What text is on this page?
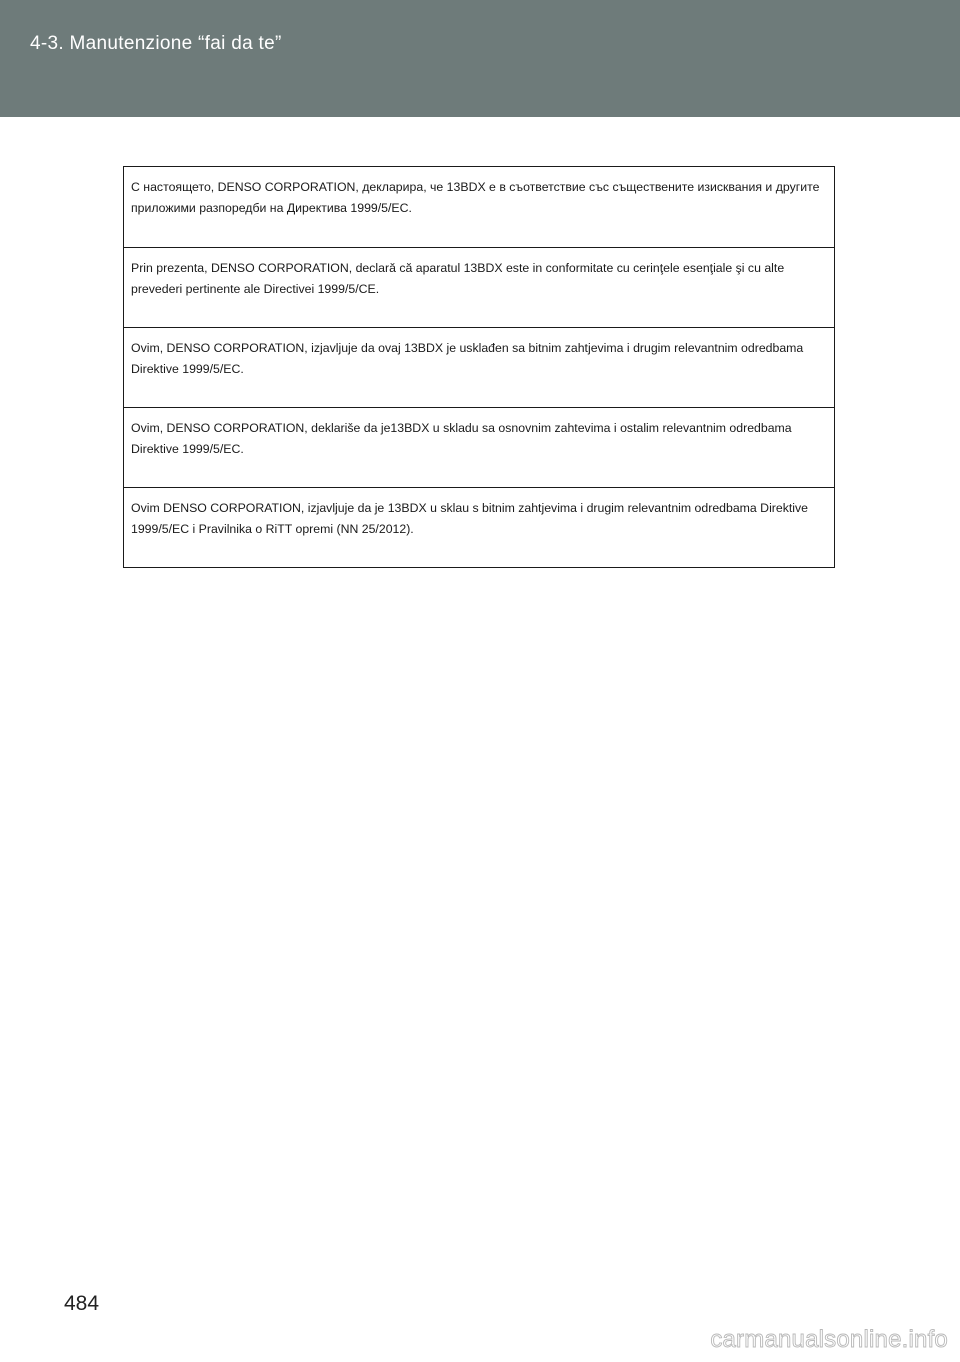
4-3. Manutenzione “fai da te”

С настоящето, DENSO CORPORATION, декларира, че 13BDX е в съответствие със съществените изисквания и другите приложими разпоредби на Директива 1999/5/ЕС.

Prin prezenta, DENSO CORPORATION, declară că aparatul 13BDX este in conformitate cu cerinţele esenţiale şi cu alte prevederi pertinente ale Directivei 1999/5/CE.

Ovim, DENSO CORPORATION, izjavljuje da ovaj 13BDX je usklađen sa bitnim zahtjevima i drugim relevantnim odredbama Direktive 1999/5/EC.

Ovim, DENSO CORPORATION, deklariše da je13BDX u skladu sa osnovnim zahtevima i ostalim relevantnim odredbama Direktive 1999/5/EC.

Ovim DENSO CORPORATION, izjavljuje da je 13BDX u sklau s bitnim zahtjevima i drugim relevantnim odredbama Direktive 1999/5/EC i Pravilnika o RiTT opremi (NN 25/2012).

484
carmanualsonline.info
